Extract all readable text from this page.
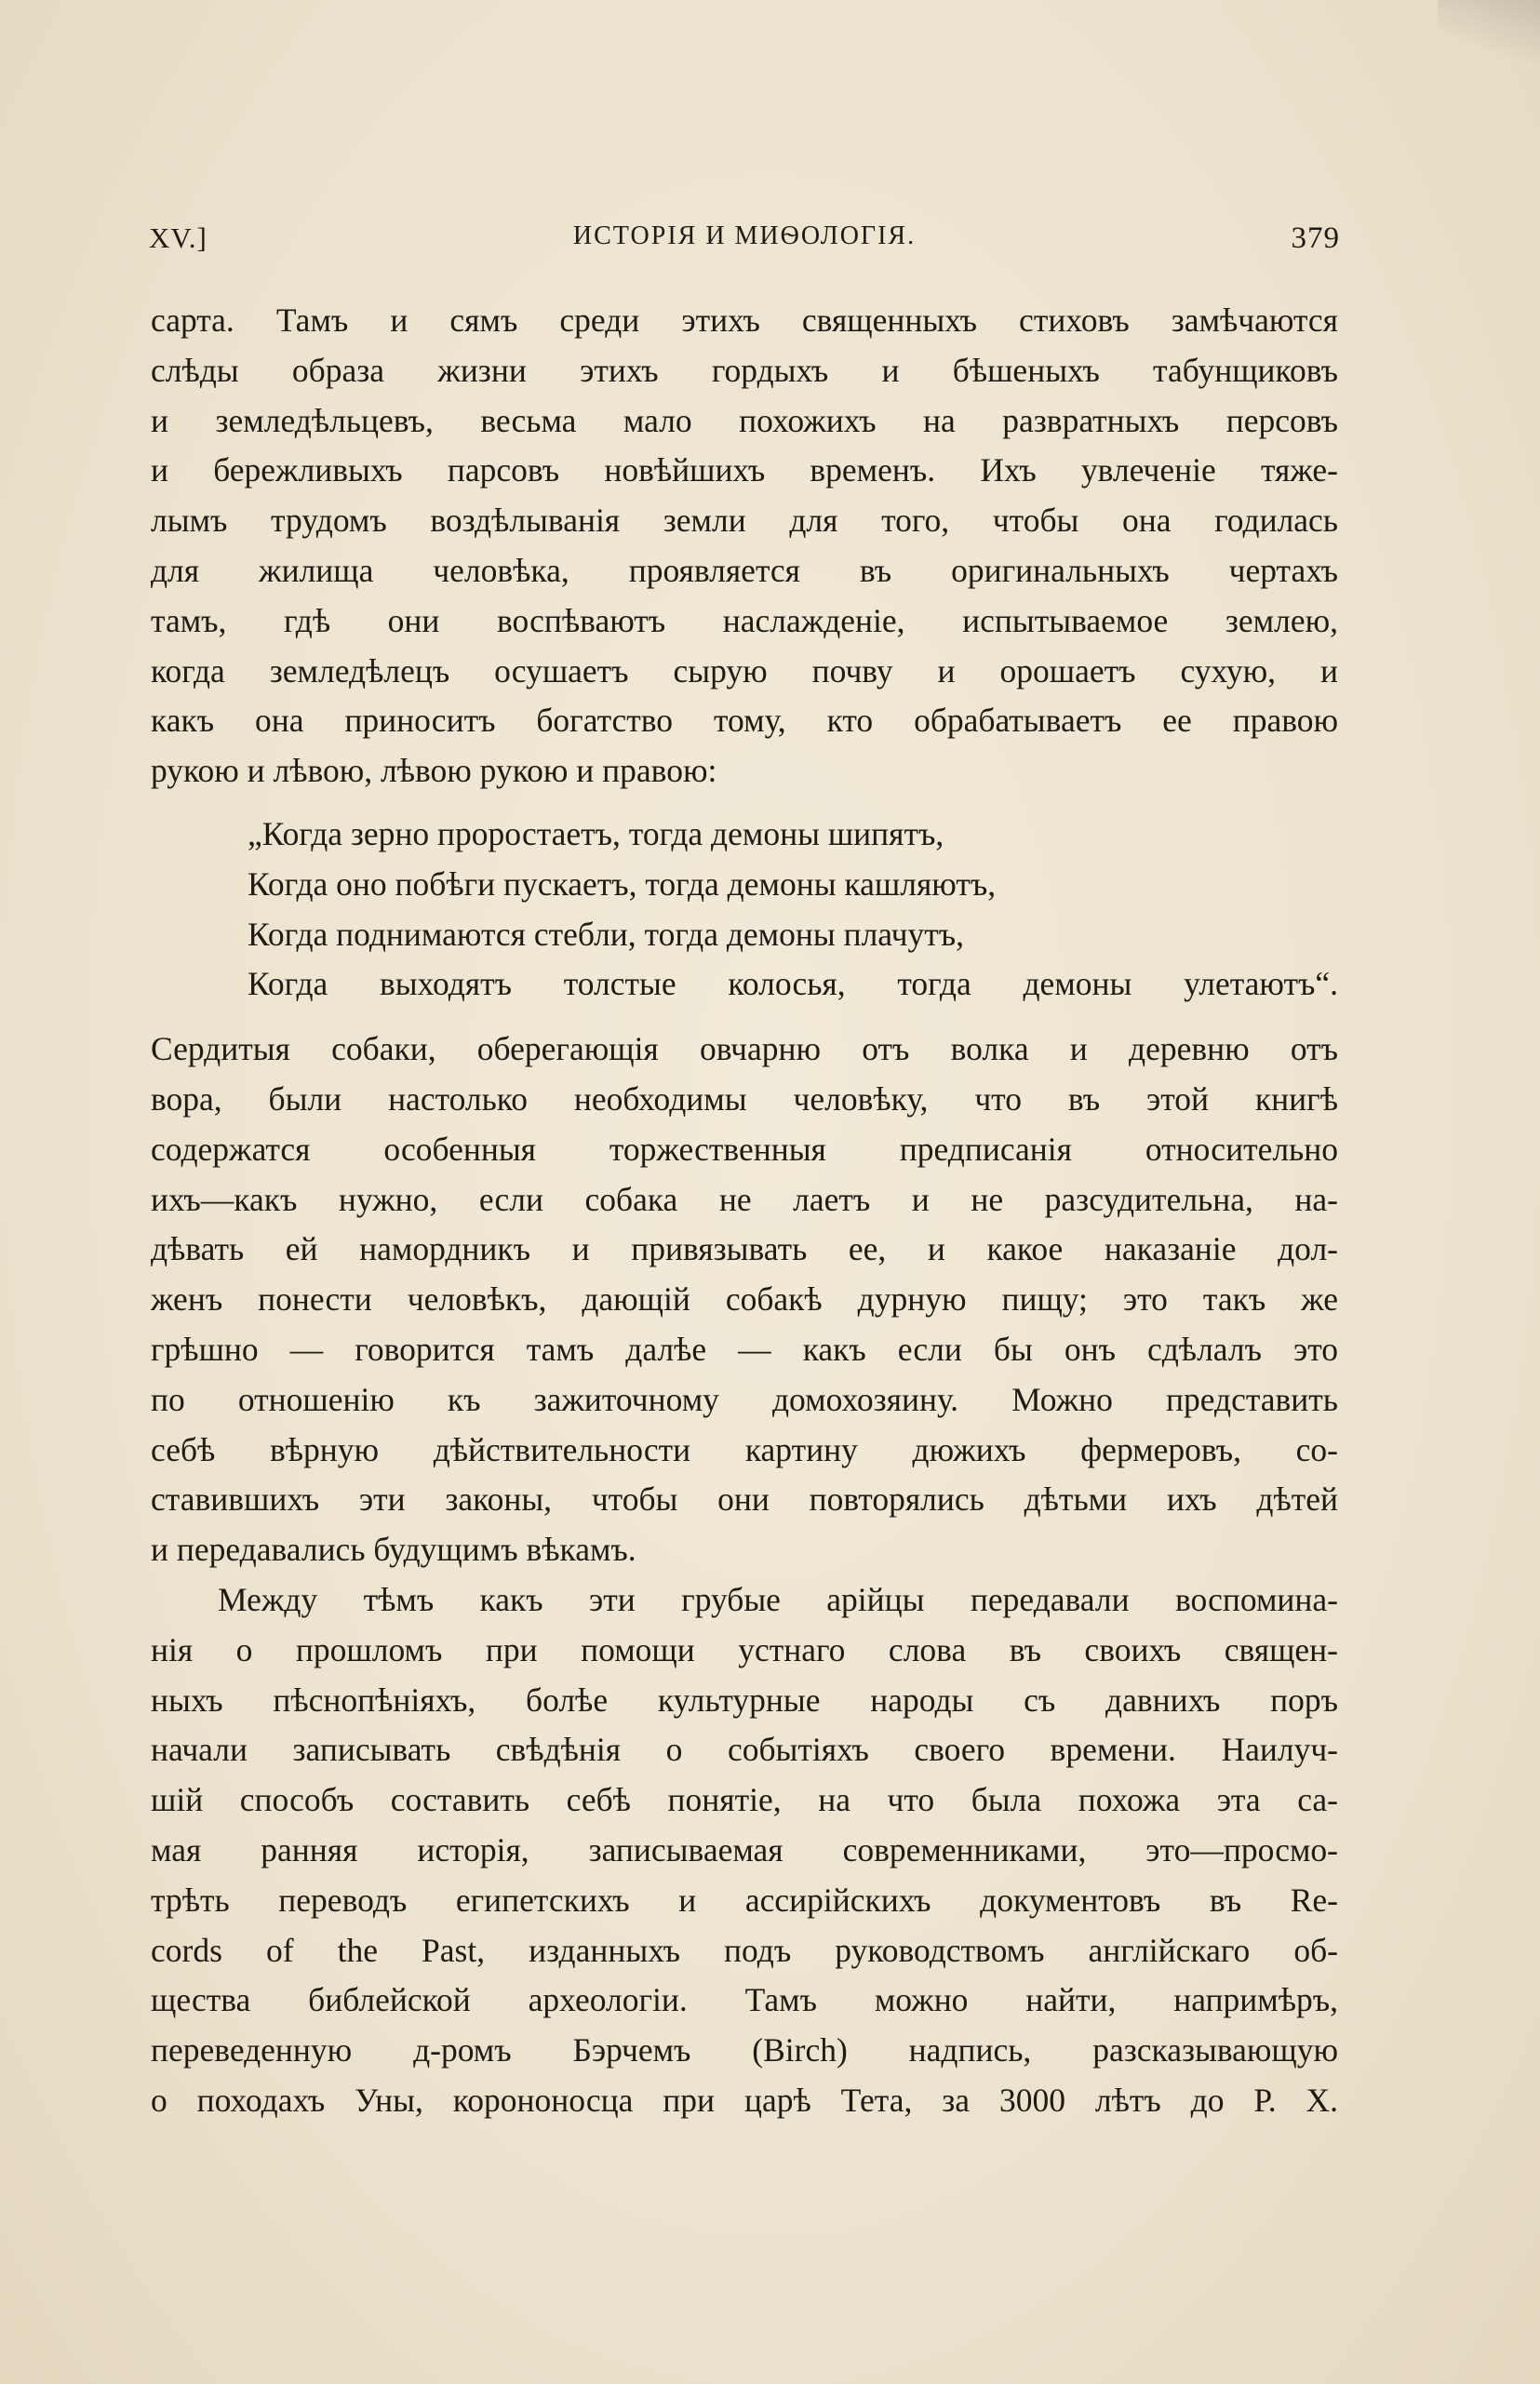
XV.]	ИСТОРІЯ И МИѲОЛОГІЯ.	379
сарта. Тамъ и сямъ среди этихъ священныхъ стиховъ замѣчаются
слѣды образа жизни этихъ гордыхъ и бѣшеныхъ табунщиковъ
и земледѣльцевъ, весьма мало похожихъ на развратныхъ персовъ
и бережливыхъ парсовъ новѣйшихъ временъ. Ихъ увлеченіе тяже-
лымъ трудомъ воздѣлыванія земли для того, чтобы она годилась
для жилища человѣка, проявляется въ оригинальныхъ чертахъ
тамъ, гдѣ они воспѣваютъ наслажденіе, испытываемое землею,
когда земледѣлецъ осушаетъ сырую почву и орошаетъ сухую, и
какъ она приноситъ богатство тому, кто обрабатываетъ ее правою
рукою и лѣвою, лѣвою рукою и правою:
„Когда зерно проростаетъ, тогда демоны шипятъ,
Когда оно побѣги пускаетъ, тогда демоны кашляютъ,
Когда поднимаются стебли, тогда демоны плачутъ,
Когда выходятъ толстые колосья, тогда демоны улетаютъ“.
Сердитыя собаки, оберегающія овчарню отъ волка и деревню отъ
вора, были настолько необходимы человѣку, что въ этой книгѣ
содержатся особенныя торжественныя предписанія относительно
ихъ—какъ нужно, если собака не лаетъ и не разсудительна, на-
дѣвать ей намордникъ и привязывать ее, и какое наказаніе дол-
женъ понести человѣкъ, дающій собакѣ дурную пищу; это такъ же
грѣшно — говорится тамъ далѣе — какъ если бы онъ сдѣлалъ это
по отношенію къ зажиточному домохозяину. Можно представить
себѣ вѣрную дѣйствительности картину дюжихъ фермеровъ, со-
ставившихъ эти законы, чтобы они повторялись дѣтьми ихъ дѣтей
и передавались будущимъ вѣкамъ.
Между тѣмъ какъ эти грубые арійцы передавали воспомина-
нія о прошломъ при помощи устнаго слова въ своихъ священ-
ныхъ пѣснопѣніяхъ, болѣе культурные народы съ давнихъ поръ
начали записывать свѣдѣнія о событіяхъ своего времени. Наилуч-
шій способъ составить себѣ понятіе, на что была похожа эта са-
мая ранняя исторія, записываемая современниками, это—просмо-
трѣть переводъ египетскихъ и ассирійскихъ документовъ въ Re-
cords of the Past, изданныхъ подъ руководствомъ англійскаго об-
щества библейской археологіи. Тамъ можно найти, напримѣръ,
переведенную д-ромъ Бэрчемъ (Birch) надпись, разсказывающую
о походахъ Уны, корононосца при царѣ Тета, за 3000 лѣтъ до Р. Х.
